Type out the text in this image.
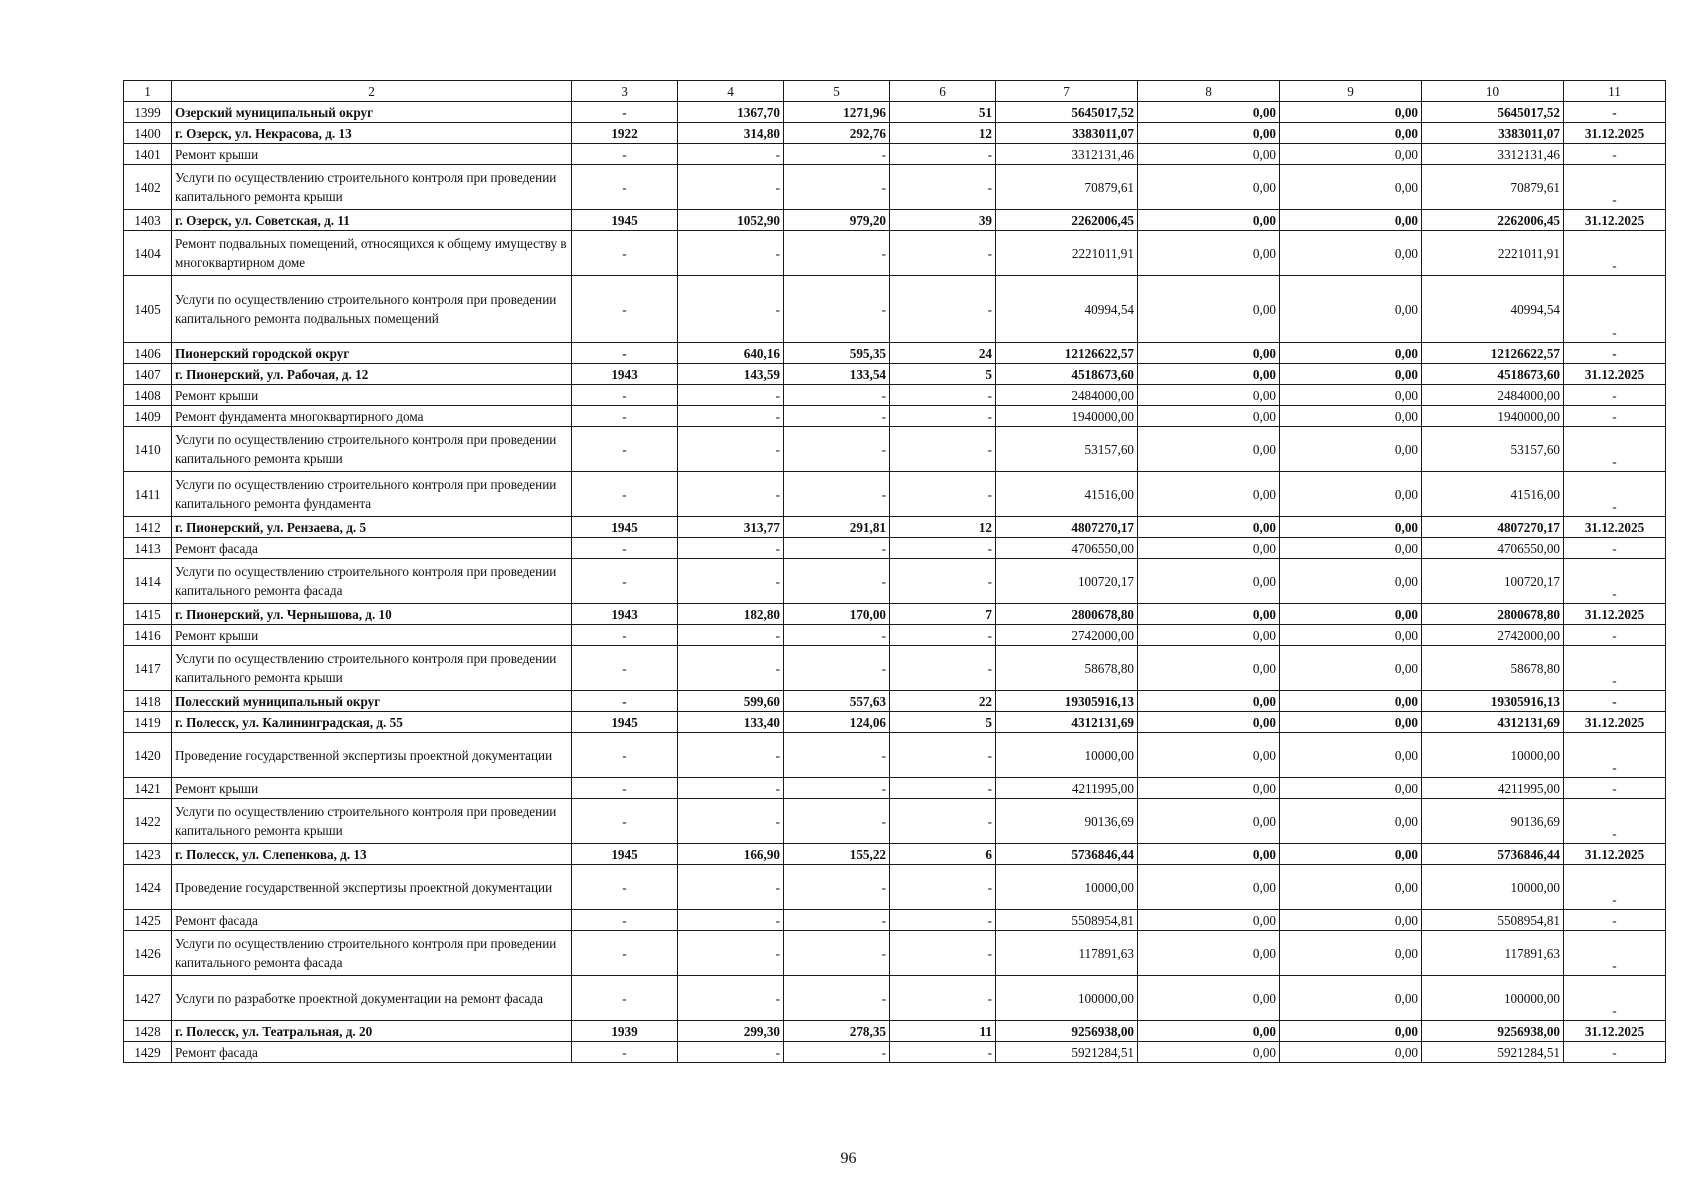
1	2	3	4	5	6	7	8	9	10	11
1399	Озерский муниципальный округ	-	1367,70	1271,96	51	5645017,52	0,00	0,00	5645017,52	-
1400	г. Озерск, ул. Некрасова, д. 13	1922	314,80	292,76	12	3383011,07	0,00	0,00	3383011,07	31.12.2025
1401	Ремонт крыши	-	-	-	-	3312131,46	0,00	0,00	3312131,46	-
1402	Услуги по осуществлению строительного контроля при проведении капитального ремонта крыши	-	-	-	-	70879,61	0,00	0,00	70879,61	-
1403	г. Озерск, ул. Советская, д. 11	1945	1052,90	979,20	39	2262006,45	0,00	0,00	2262006,45	31.12.2025
1404	Ремонт подвальных помещений, относящихся к общему имуществу в многоквартирном доме	-	-	-	-	2221011,91	0,00	0,00	2221011,91	-
1405	Услуги по осуществлению строительного контроля при проведении капитального ремонта подвальных помещений	-	-	-	-	40994,54	0,00	0,00	40994,54	-
1406	Пионерский городской округ	-	640,16	595,35	24	12126622,57	0,00	0,00	12126622,57	-
1407	г. Пионерский, ул. Рабочая, д. 12	1943	143,59	133,54	5	4518673,60	0,00	0,00	4518673,60	31.12.2025
1408	Ремонт крыши	-	-	-	-	2484000,00	0,00	0,00	2484000,00	-
1409	Ремонт фундамента многоквартирного дома	-	-	-	-	1940000,00	0,00	0,00	1940000,00	-
1410	Услуги по осуществлению строительного контроля при проведении капитального ремонта крыши	-	-	-	-	53157,60	0,00	0,00	53157,60	-
1411	Услуги по осуществлению строительного контроля при проведении капитального ремонта фундамента	-	-	-	-	41516,00	0,00	0,00	41516,00	-
1412	г. Пионерский, ул. Рензаева, д. 5	1945	313,77	291,81	12	4807270,17	0,00	0,00	4807270,17	31.12.2025
1413	Ремонт фасада	-	-	-	-	4706550,00	0,00	0,00	4706550,00	-
1414	Услуги по осуществлению строительного контроля при проведении капитального ремонта фасада	-	-	-	-	100720,17	0,00	0,00	100720,17	-
1415	г. Пионерский, ул. Чернышова, д. 10	1943	182,80	170,00	7	2800678,80	0,00	0,00	2800678,80	31.12.2025
1416	Ремонт крыши	-	-	-	-	2742000,00	0,00	0,00	2742000,00	-
1417	Услуги по осуществлению строительного контроля при проведении капитального ремонта крыши	-	-	-	-	58678,80	0,00	0,00	58678,80	-
1418	Полесский муниципальный округ	-	599,60	557,63	22	19305916,13	0,00	0,00	19305916,13	-
1419	г. Полесск, ул. Калининградская, д. 55	1945	133,40	124,06	5	4312131,69	0,00	0,00	4312131,69	31.12.2025
1420	Проведение государственной экспертизы проектной документации	-	-	-	-	10000,00	0,00	0,00	10000,00	-
1421	Ремонт крыши	-	-	-	-	4211995,00	0,00	0,00	4211995,00	-
1422	Услуги по осуществлению строительного контроля при проведении капитального ремонта крыши	-	-	-	-	90136,69	0,00	0,00	90136,69	-
1423	г. Полесск, ул. Слепенкова, д. 13	1945	166,90	155,22	6	5736846,44	0,00	0,00	5736846,44	31.12.2025
1424	Проведение государственной экспертизы проектной документации	-	-	-	-	10000,00	0,00	0,00	10000,00	-
1425	Ремонт фасада	-	-	-	-	5508954,81	0,00	0,00	5508954,81	-
1426	Услуги по осуществлению строительного контроля при проведении капитального ремонта фасада	-	-	-	-	117891,63	0,00	0,00	117891,63	-
1427	Услуги по разработке проектной документации на ремонт фасада	-	-	-	-	100000,00	0,00	0,00	100000,00	-
1428	г. Полесск, ул. Театральная, д. 20	1939	299,30	278,35	11	9256938,00	0,00	0,00	9256938,00	31.12.2025
1429	Ремонт фасада	-	-	-	-	5921284,51	0,00	0,00	5921284,51	-
96
